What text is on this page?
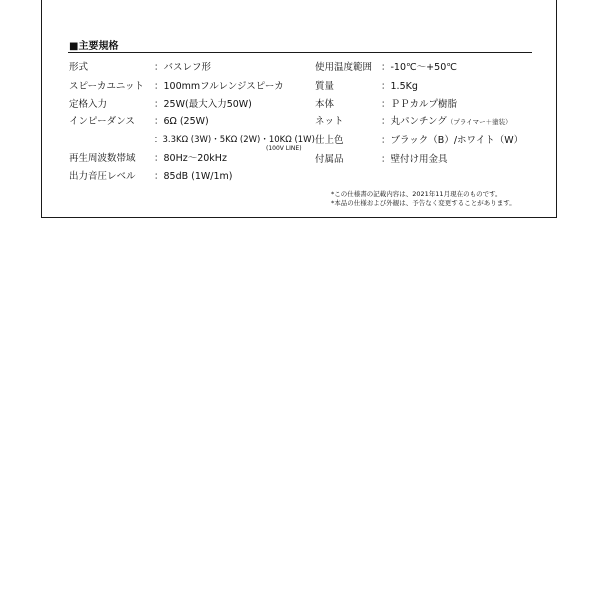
■主要規格
形式	：バスレフ形
スピーカユニット ：100mmフルレンジスピーカ
定格入力	：25W(最大入力50W)
インピーダンス ：6Ω (25W)
：3.3KΩ (3W)・5KΩ (2W)・10KΩ (1W)
(100V LINE)
再生周波数帯域 ：80Hz～20kHz
出力音圧レベル ：85dB (1W/1m)
使用温度範囲 ：-10℃～+50℃
質量	：1.5Kg
本体	：ＰＰカルプ樹脂
ネット	：丸パンチング（プライマー＋塗装）
仕上色	：ブラック（B）/ホワイト（W）
付属品	：壁付け用金具
*この仕様書の記載内容は、2021年11月現在のものです。
*本品の仕様および外観は、予告なく変更することがあります。
